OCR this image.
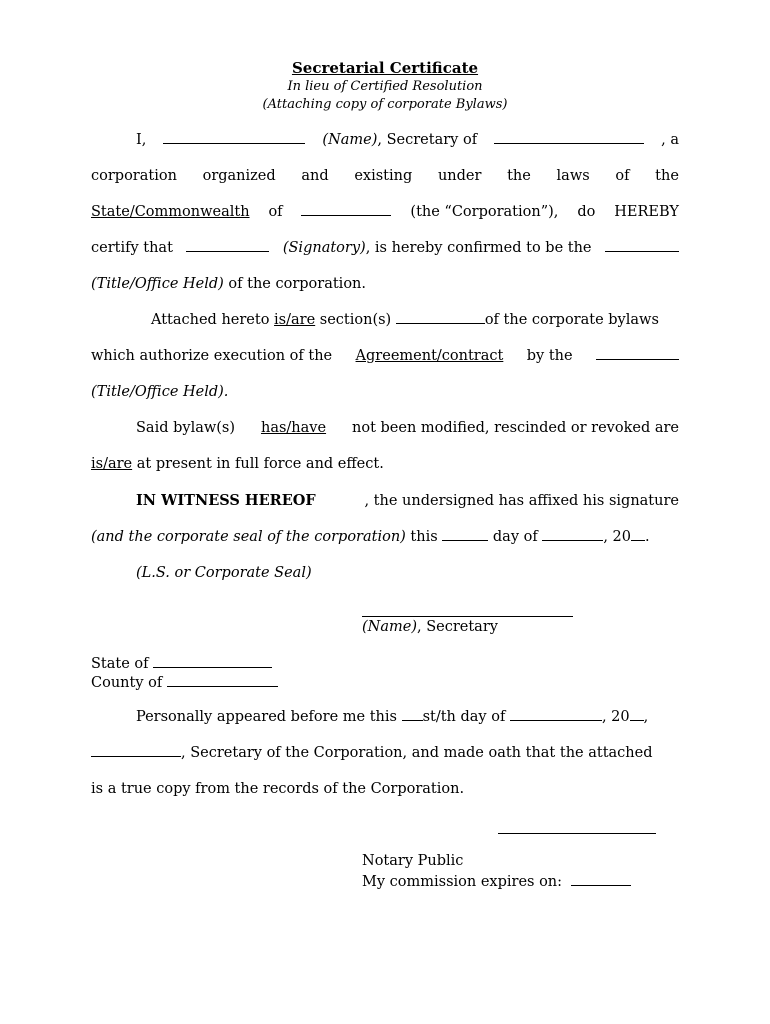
Secretarial Certificate
In lieu of Certified Resolution
(Attaching copy of corporate Bylaws)
I,	(Name), Secretary of	, a
corporation organized and existing under the laws of the
State/Commonwealth of	(the “Corporation”), do HEREBY
certify that	(Signatory), is hereby confirmed to be the
(Title/Office Held) of the corporation.
Attached hereto is/are section(s)	of the corporate bylaws
which authorize execution of the Agreement/contract by the
(Title/Office Held).
Said bylaw(s) has/have not been modified, rescinded or revoked are
is/are at present in full force and effect.
IN WITNESS HEREOF	, the undersigned has affixed his signature
(and the corporate seal of the corporation) this	day of	, 20 .
(L.S. or Corporate Seal)
(Name), Secretary
State of
County of
Personally appeared before me this st/th day of	, 20 ,
, Secretary of the Corporation, and made oath that the attached
is a true copy from the records of the Corporation.
Notary Public
My commission expires on:
